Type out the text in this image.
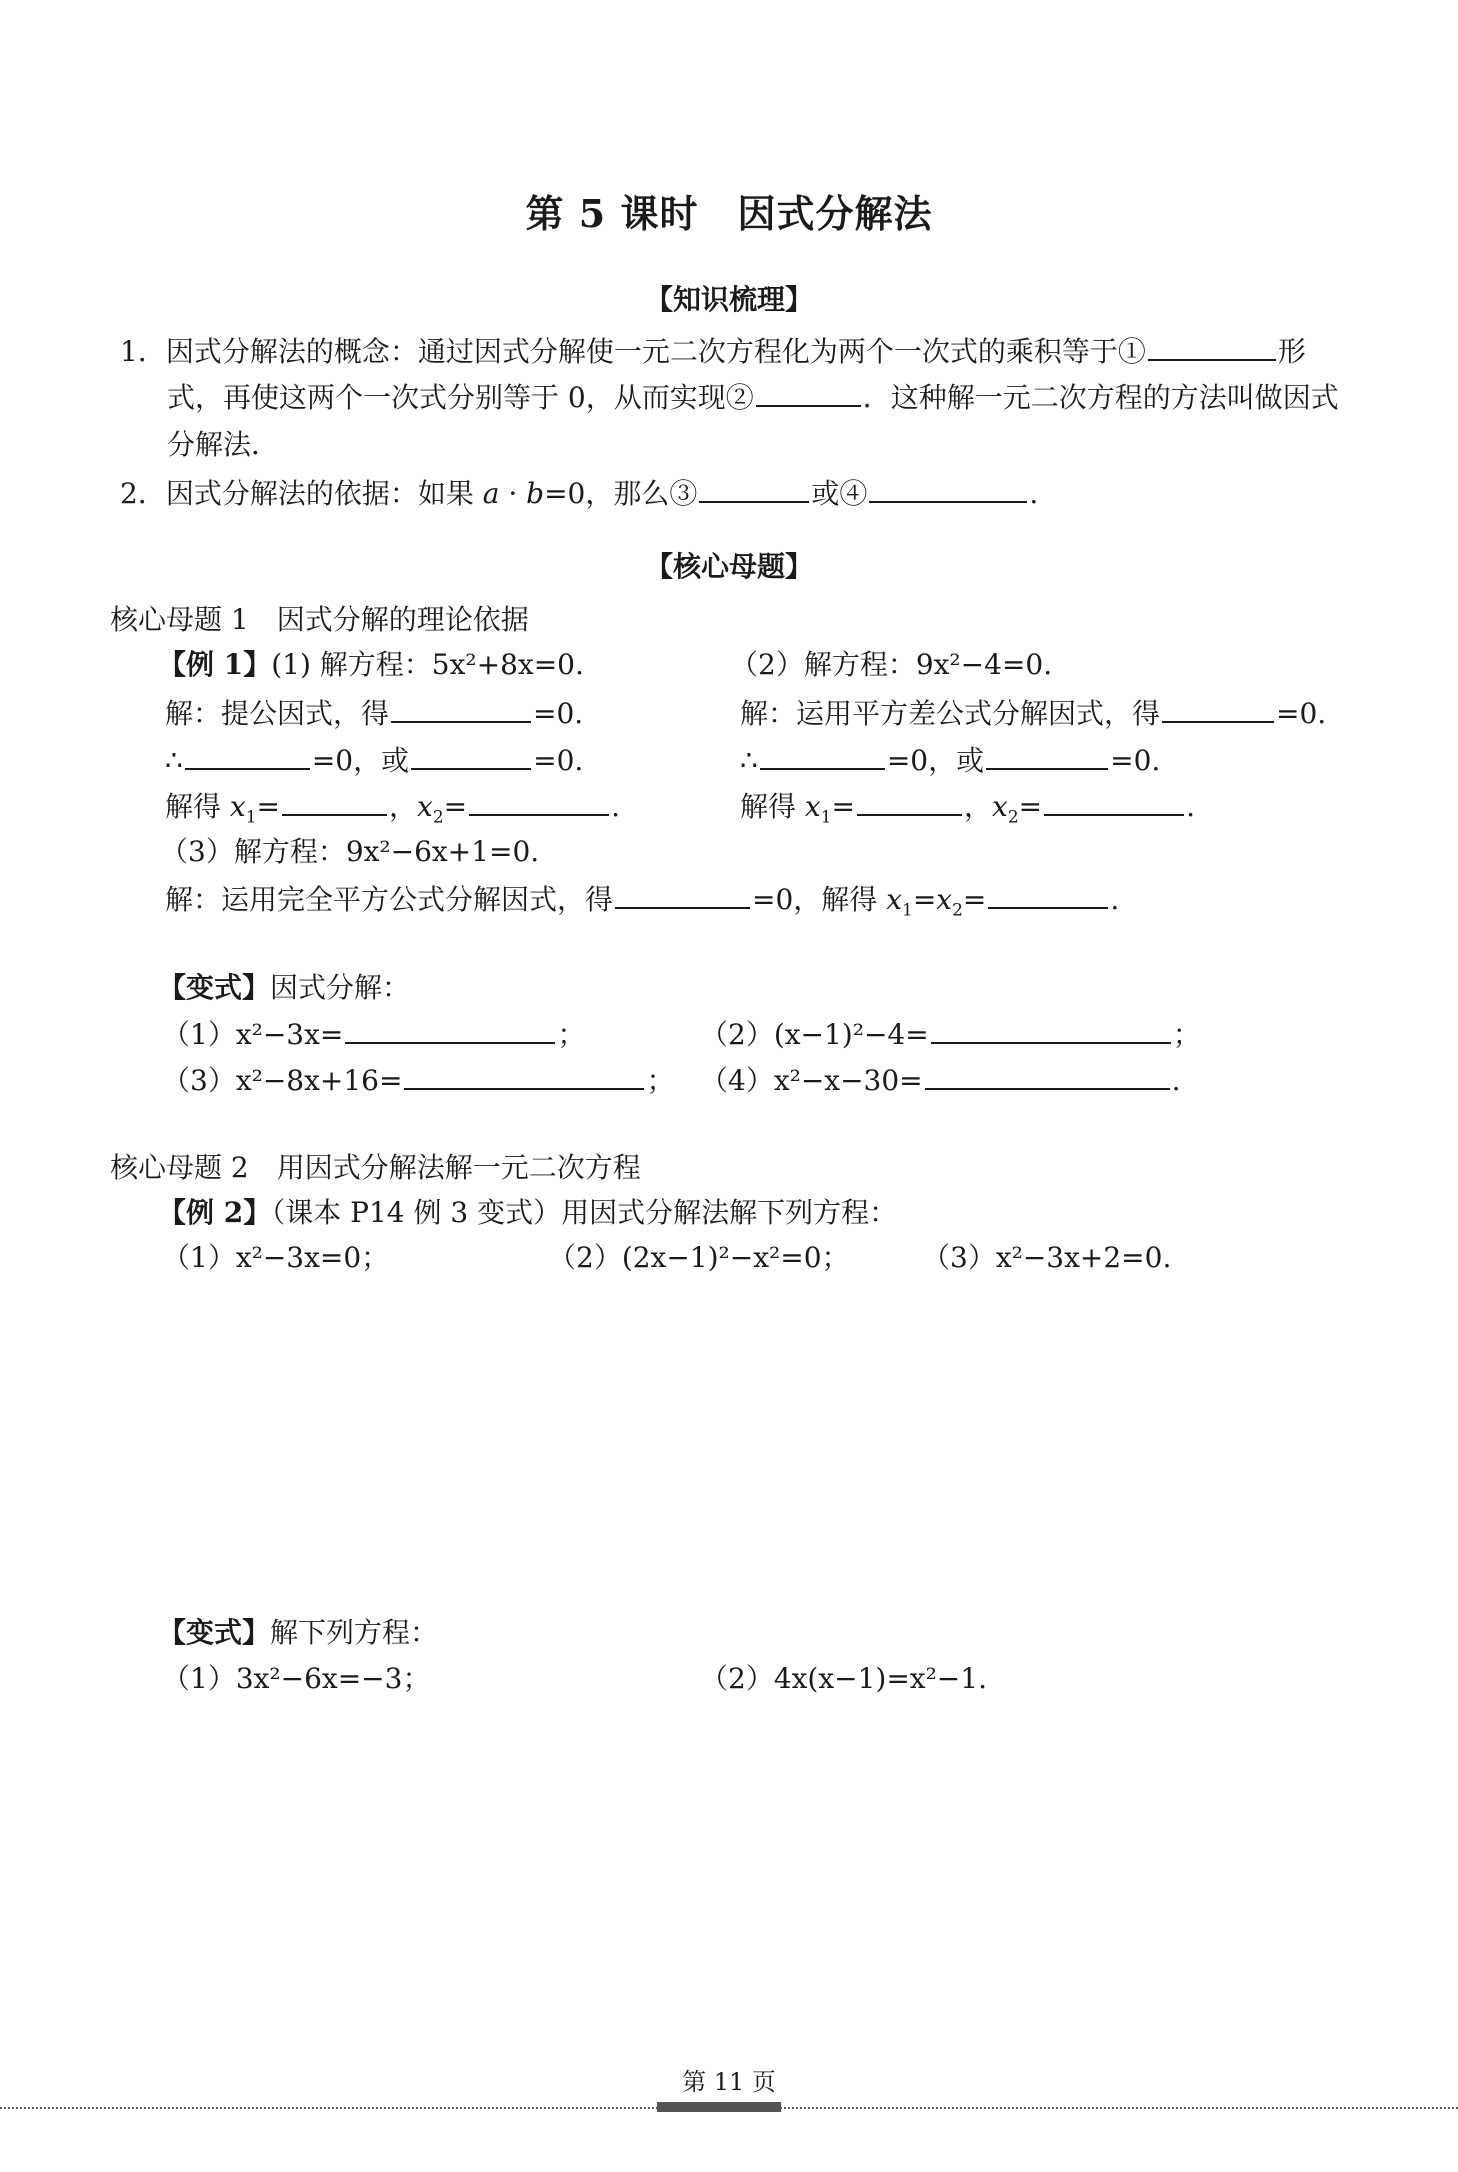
第 5 课时　因式分解法
【知识梳理】
1．因式分解法的概念：通过因式分解使一元二次方程化为两个一次式的乘积等于①	形
式，再使这两个一次式分别等于 0，从而实现②	．这种解一元二次方程的方法叫做因式
分解法．
2．因式分解法的依据：如果 a · b=0，那么③	或④	.
【核心母题】
核心母题 1　因式分解的理论依据
【例 1】(1) 解方程：5x²+8x=0.
解：提公因式，得	=0.
∴	=0，或	=0.
解得 $x_1=$	，$x_2=$	.
（2）解方程：9x²−4=0.
解：运用平方差公式分解因式，得	=0.
∴	=0，或	=0.
解得 $x_1=$	，$x_2=$	.
（3）解方程：9x²−6x+1=0.
解：运用完全平方公式分解因式，得	=0，解得 $x_1=x_2=$	.
【变式】因式分解：
（1）x²−3x=	；	（2）(x−1)²−4=	；
（3）x²−8x+16=	； （4）x²−x−30=	.
核心母题 2　用因式分解法解一元二次方程
【例 2】（课本 P14 例 3 变式）用因式分解法解下列方程：
（1）x²−3x=0；	（2）(2x−1)²−x²=0；	（3）x²−3x+2=0.
【变式】解下列方程：
（1）3x²−6x=−3；	（2）4x(x−1)=x²−1.
第 11 页
